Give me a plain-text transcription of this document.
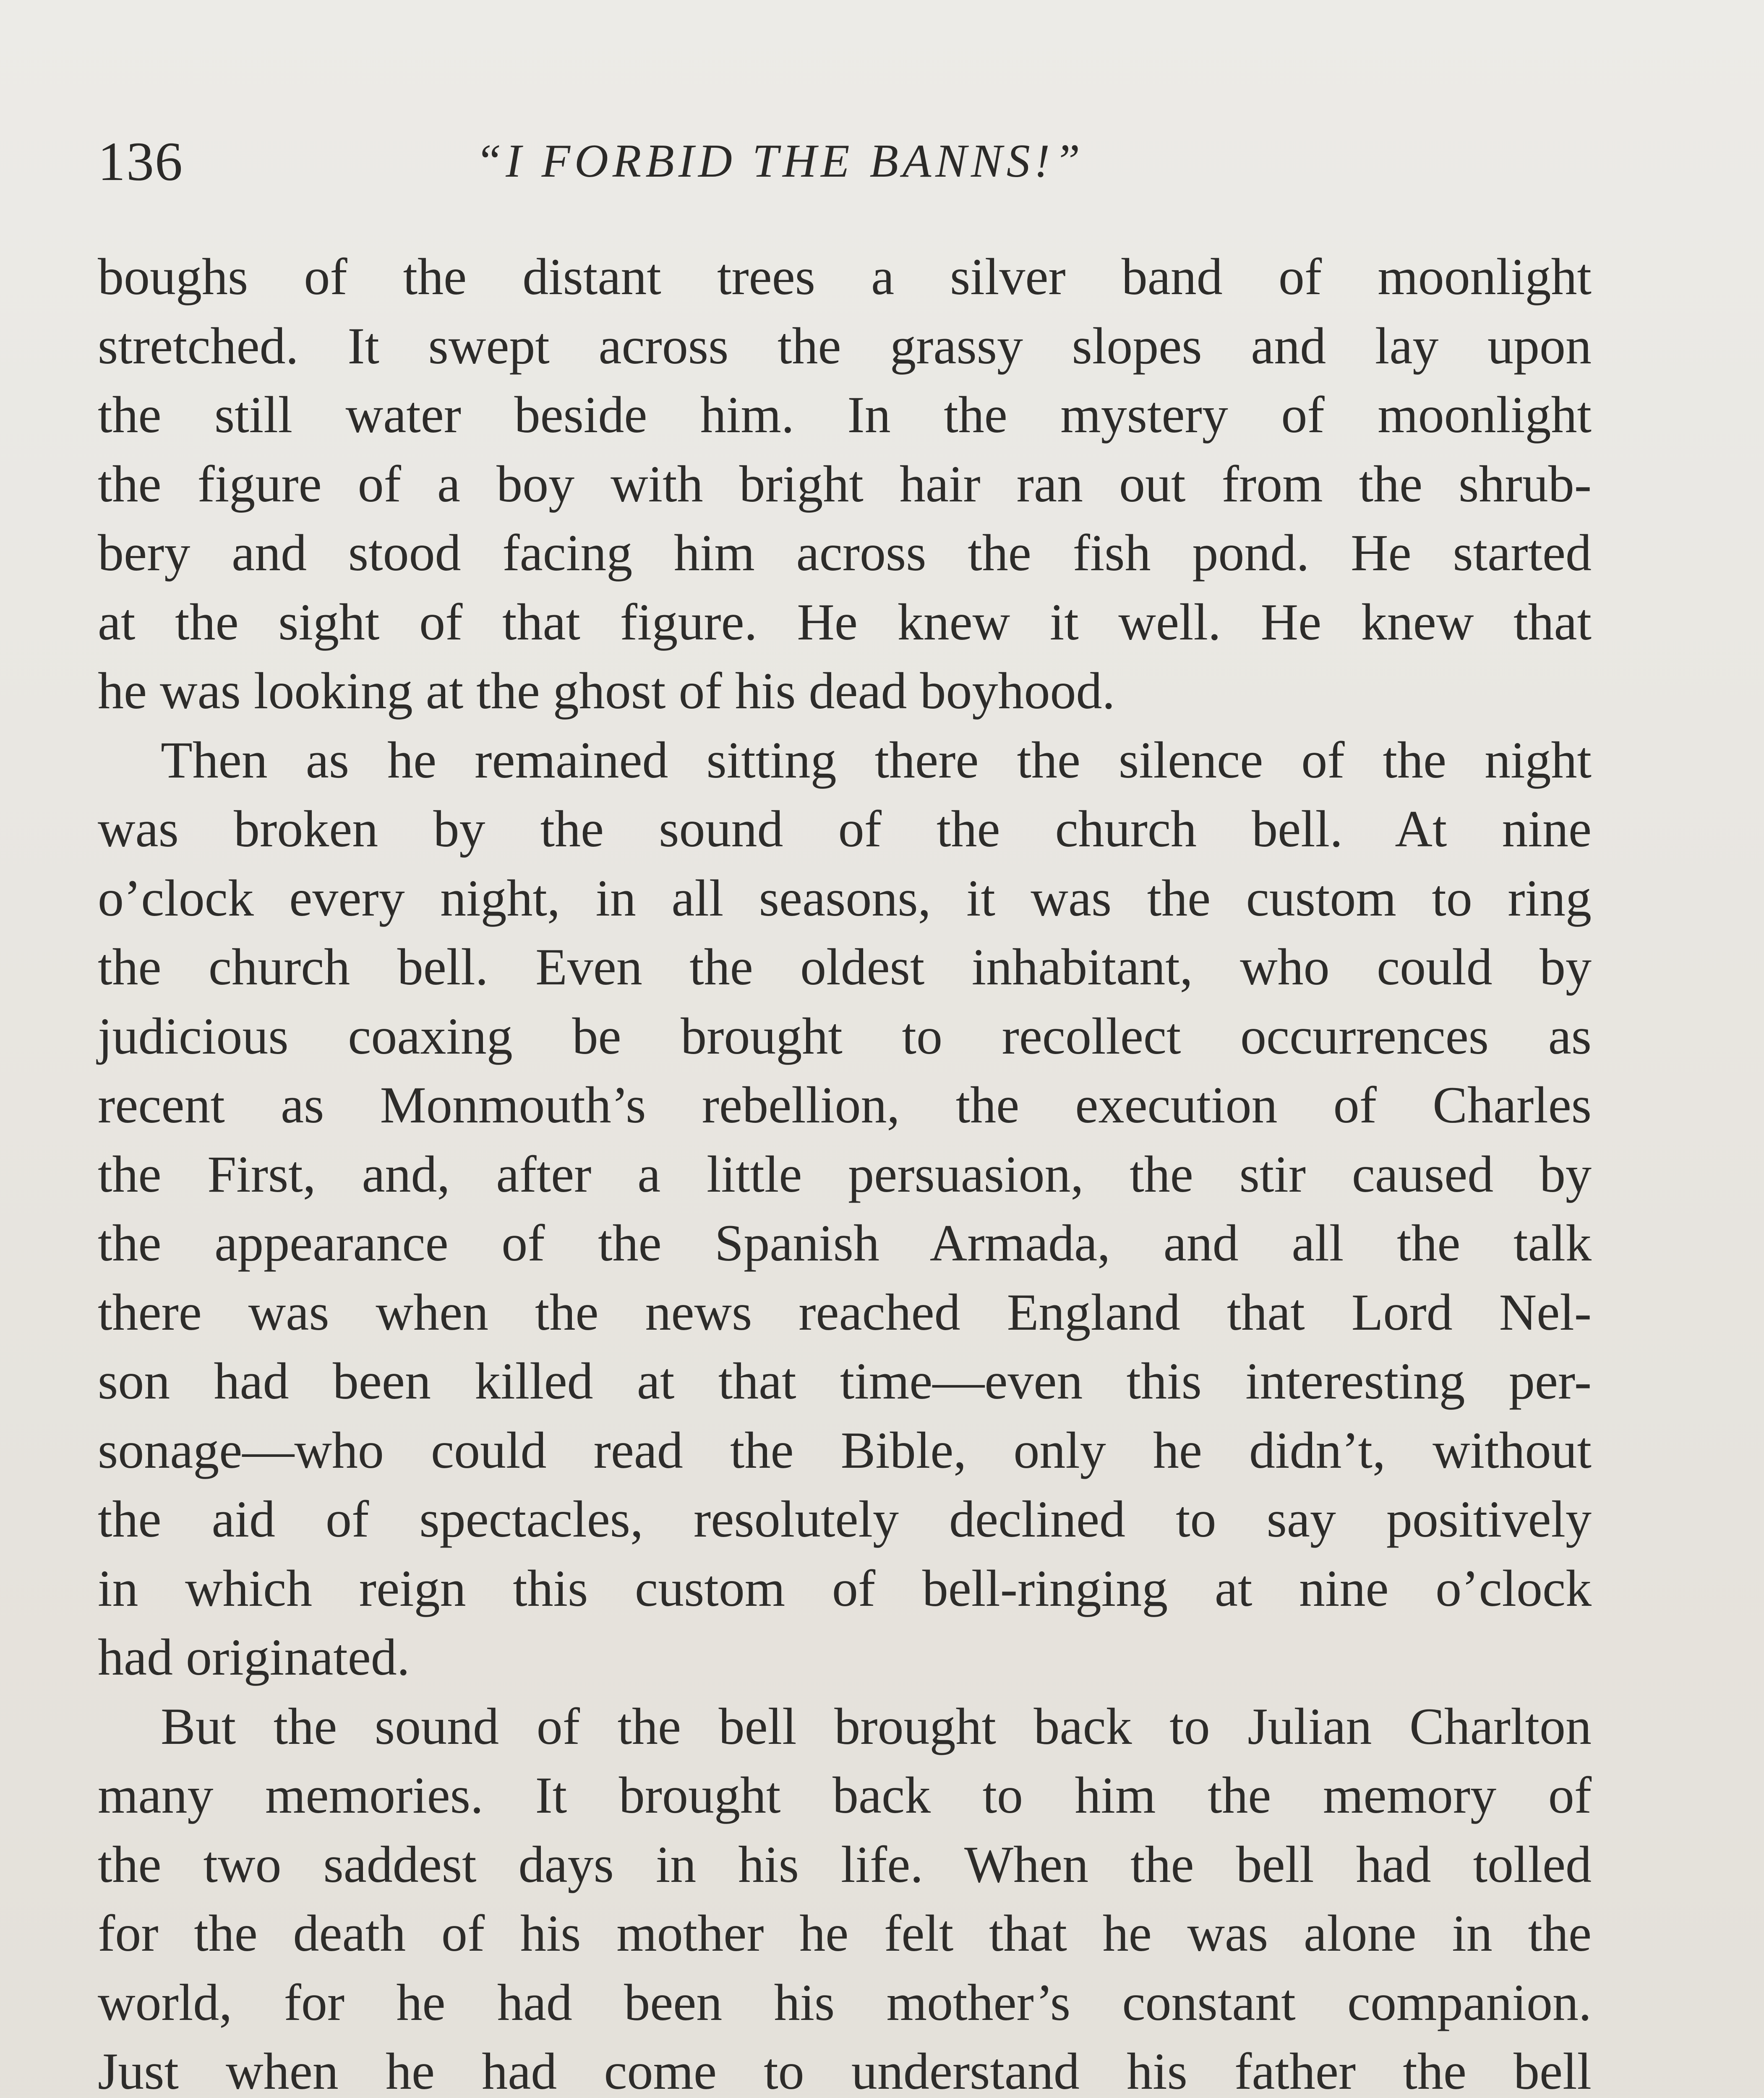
136	“I FORBID THE BANNS!”
boughs of the distant trees a silver band of moonlight
stretched. It swept across the grassy slopes and lay upon
the still water beside him. In the mystery of moonlight
the figure of a boy with bright hair ran out from the shrub-
bery and stood facing him across the fish pond. He started
at the sight of that figure. He knew it well. He knew that
he was looking at the ghost of his dead boyhood.
Then as he remained sitting there the silence of the night
was broken by the sound of the church bell. At nine
o’clock every night, in all seasons, it was the custom to ring
the church bell. Even the oldest inhabitant, who could by
judicious coaxing be brought to recollect occurrences as
recent as Monmouth’s rebellion, the execution of Charles
the First, and, after a little persuasion, the stir caused by
the appearance of the Spanish Armada, and all the talk
there was when the news reached England that Lord Nel-
son had been killed at that time—even this interesting per-
sonage—who could read the Bible, only he didn’t, without
the aid of spectacles, resolutely declined to say positively
in which reign this custom of bell-ringing at nine o’clock
had originated.
But the sound of the bell brought back to Julian Charlton
many memories. It brought back to him the memory of
the two saddest days in his life. When the bell had tolled
for the death of his mother he felt that he was alone in the
world, for he had been his mother’s constant companion.
Just when he had come to understand his father the bell
